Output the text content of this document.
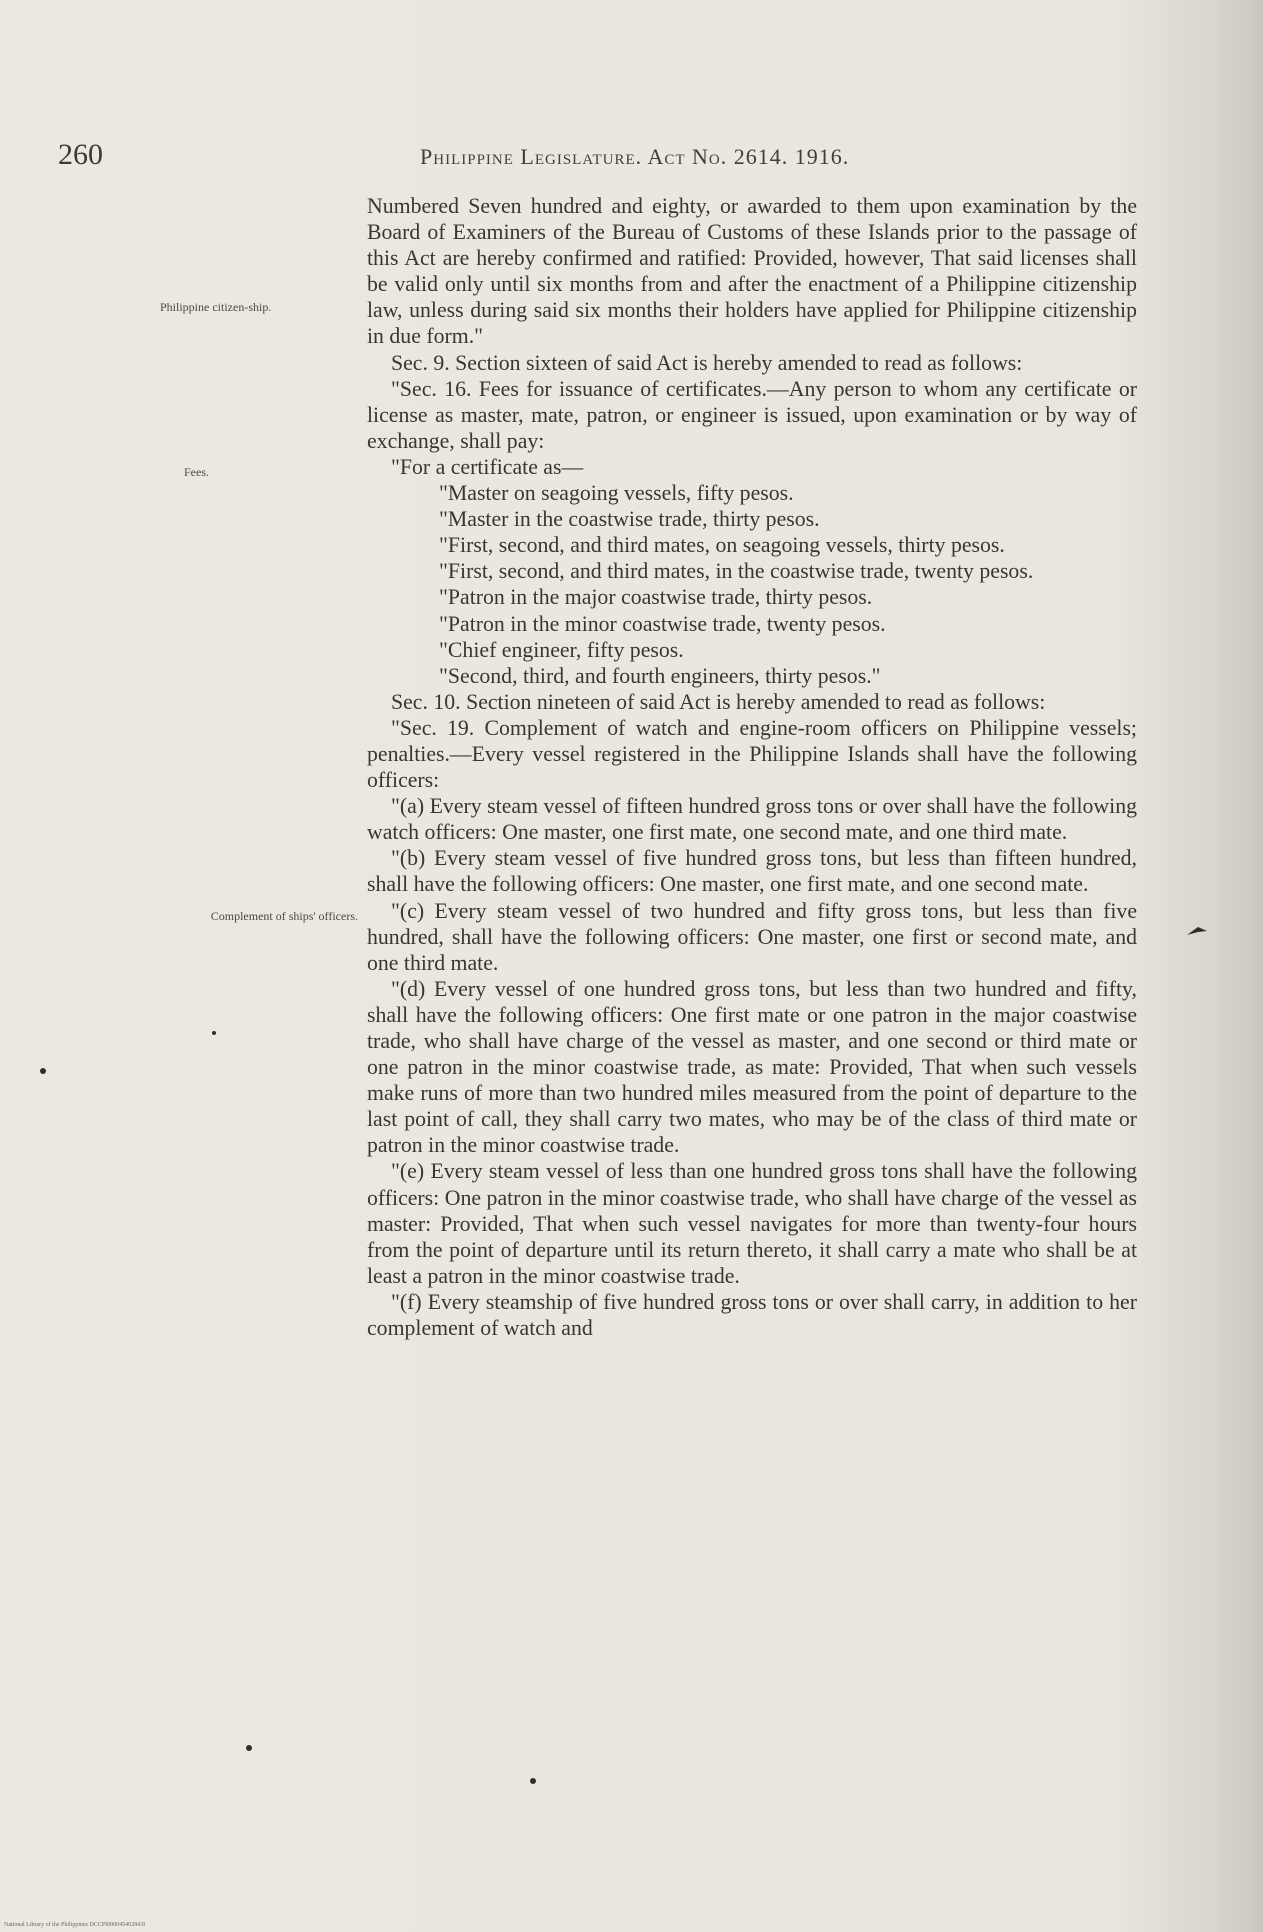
260	Philippine Legislature. Act No. 2614. 1916.
Philippine citizen-ship.
Fees.
Complement of ships' officers.

Numbered Seven hundred and eighty, or awarded to them upon examination by the Board of Examiners of the Bureau of Customs of these Islands prior to the passage of this Act are hereby confirmed and ratified: Provided, however, That said licenses shall be valid only until six months from and after the enactment of a Philippine citizenship law, unless during said six months their holders have applied for Philippine citizenship in due form."

Sec. 9. Section sixteen of said Act is hereby amended to read as follows:

"Sec. 16. Fees for issuance of certificates.—Any person to whom any certificate or license as master, mate, patron, or engineer is issued, upon examination or by way of exchange, shall pay:

"For a certificate as—

"Master on seagoing vessels, fifty pesos.

"Master in the coastwise trade, thirty pesos.

"First, second, and third mates, on seagoing vessels, thirty pesos.

"First, second, and third mates, in the coastwise trade, twenty pesos.

"Patron in the major coastwise trade, thirty pesos.

"Patron in the minor coastwise trade, twenty pesos.

"Chief engineer, fifty pesos.

"Second, third, and fourth engineers, thirty pesos."

Sec. 10. Section nineteen of said Act is hereby amended to read as follows:

"Sec. 19. Complement of watch and engine-room officers on Philippine vessels; penalties.—Every vessel registered in the Philippine Islands shall have the following officers:

"(a) Every steam vessel of fifteen hundred gross tons or over shall have the following watch officers: One master, one first mate, one second mate, and one third mate.

"(b) Every steam vessel of five hundred gross tons, but less than fifteen hundred, shall have the following officers: One master, one first mate, and one second mate.

"(c) Every steam vessel of two hundred and fifty gross tons, but less than five hundred, shall have the following officers: One master, one first or second mate, and one third mate.

"(d) Every vessel of one hundred gross tons, but less than two hundred and fifty, shall have the following officers: One first mate or one patron in the major coastwise trade, who shall have charge of the vessel as master, and one second or third mate or one patron in the minor coastwise trade, as mate: Provided, That when such vessels make runs of more than two hundred miles measured from the point of departure to the last point of call, they shall carry two mates, who may be of the class of third mate or patron in the minor coastwise trade.

"(e) Every steam vessel of less than one hundred gross tons shall have the following officers: One patron in the minor coastwise trade, who shall have charge of the vessel as master: Provided, That when such vessel navigates for more than twenty-four hours from the point of departure until its return thereto, it shall carry a mate who shall be at least a patron in the minor coastwise trade.

"(f) Every steamship of five hundred gross tons or over shall carry, in addition to her complement of watch and

National Library of the Philippines DCCPI000045402843I
